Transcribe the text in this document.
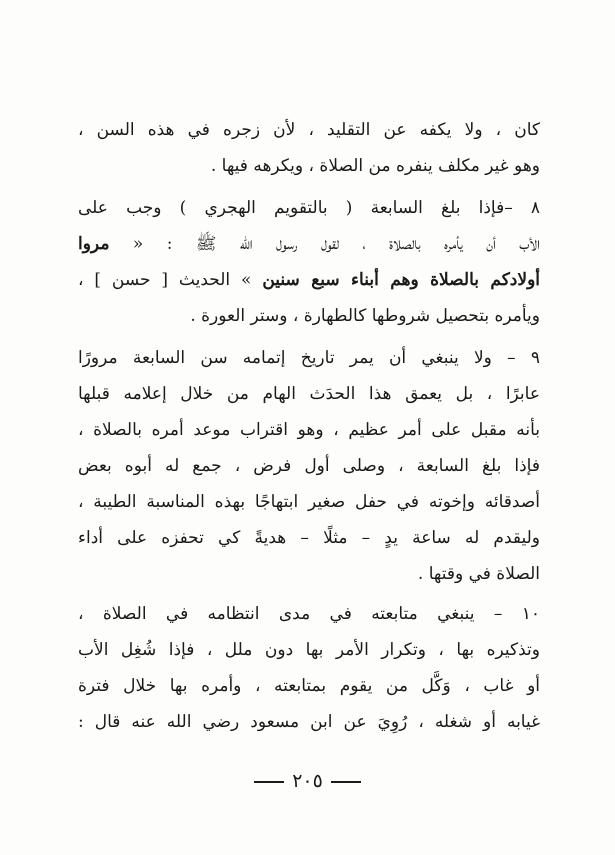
كان ، ولا يكفه عن التقليد ، لأن زجره في هذه السن ،
وهو غير مكلف ينفره من الصلاة ، ويكرهه فيها .
٨ –فإذا بلغ السابعة ( بالتقويم الهجري ) وجب على
الأب أن يأمره بالصلاة ، لقول رسول الله ﷺ : « مروا
أولادكم بالصلاة وهم أبناء سبع سنين » الحديث [ حسن ] ،
ويأمره بتحصيل شروطها كالطهارة ، وستر العورة .
٩ – ولا ينبغي أن يمر تاريخ إتمامه سن السابعة مرورًا
عابرًا ، بل يعمق هذا الحدَث الهام من خلال إعلامه قبلها
بأنه مقبل على أمر عظيم ، وهو اقتراب موعد أمره بالصلاة ،
فإذا بلغ السابعة ، وصلى أول فرض ، جمع له أبوه بعض
أصدقائه وإخوته في حفل صغير ابتهاجًا بهذه المناسبة الطيبة ،
وليقدم له ساعة يدٍ – مثلًا – هديةً كي تحفزه على أداء
الصلاة في وقتها .
١٠ – ينبغي متابعته في مدى انتظامه في الصلاة ،
وتذكيره بها ، وتكرار الأمر بها دون ملل ، فإذا شُغِل الأب
أو غاب ، وَكَّل من يقوم بمتابعته ، وأمره بها خلال فترة
غيابه أو شغله ، رُوِيَ عن ابن مسعود رضي الله عنه قال :
٢٠٥
